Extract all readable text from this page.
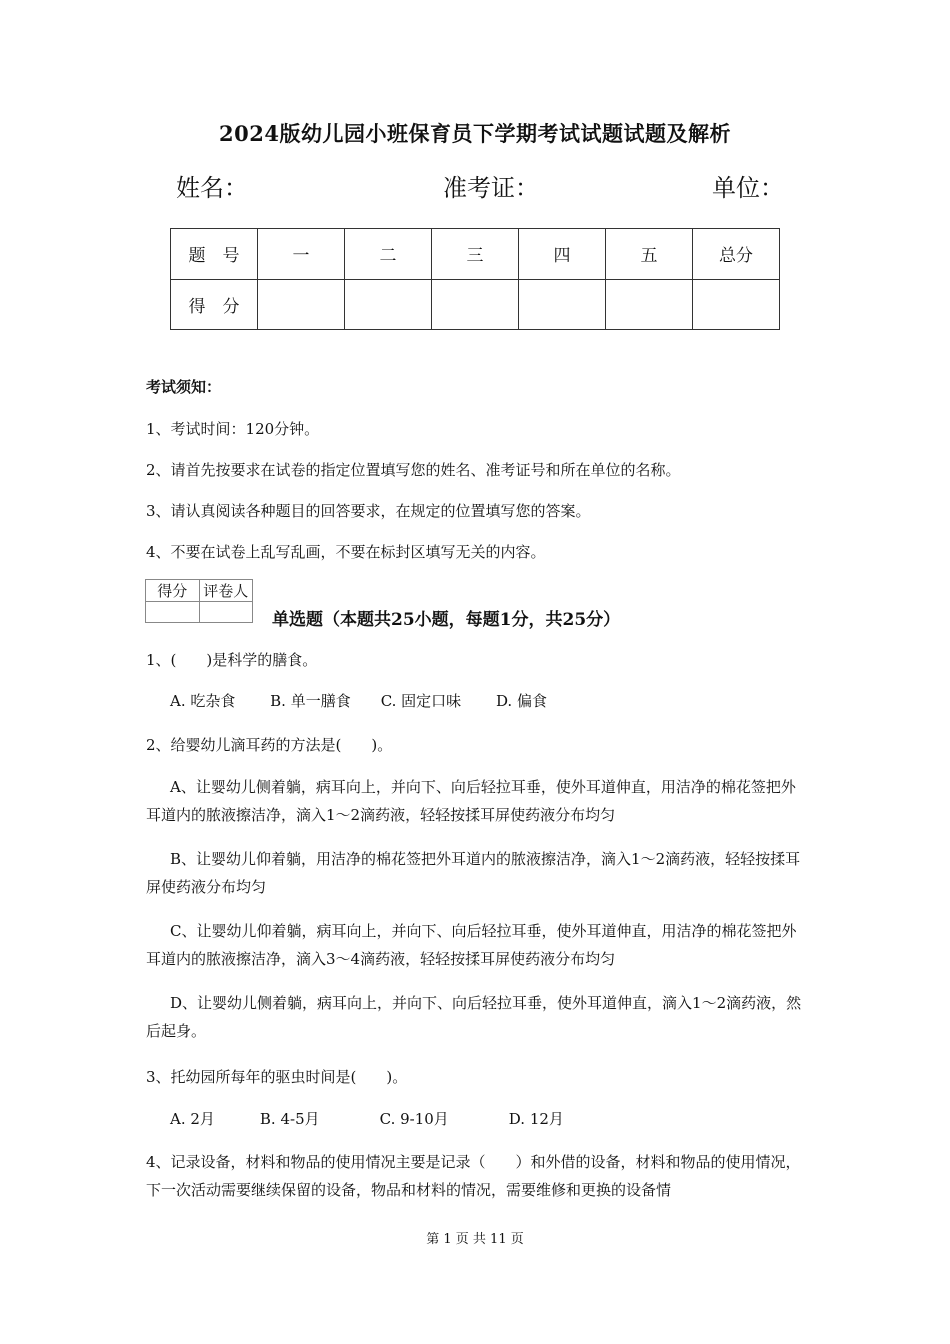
2024版幼儿园小班保育员下学期考试试题试题及解析
姓名：	准考证：	单位：
题　号	一	二	三	四	五	总分
得　分						
考试须知：
1、考试时间：120分钟。
2、请首先按要求在试卷的指定位置填写您的姓名、准考证号和所在单位的名称。
3、请认真阅读各种题目的回答要求，在规定的位置填写您的答案。
4、不要在试卷上乱写乱画，不要在标封区填写无关的内容。
得分	评卷人

单选题（本题共25小题，每题1分，共25分）
1、(　　)是科学的膳食。
A. 吃杂食　　 B. 单一膳食　　C. 固定口味　　 D. 偏食
2、给婴幼儿滴耳药的方法是(　　)。
A、让婴幼儿侧着躺，病耳向上，并向下、向后轻拉耳垂，使外耳道伸直，用洁净的棉花签把外耳道内的脓液擦洁净，滴入1～2滴药液，轻轻按揉耳屏使药液分布均匀
B、让婴幼儿仰着躺，用洁净的棉花签把外耳道内的脓液擦洁净，滴入1～2滴药液，轻轻按揉耳屏使药液分布均匀
C、让婴幼儿仰着躺，病耳向上，并向下、向后轻拉耳垂，使外耳道伸直，用洁净的棉花签把外耳道内的脓液擦洁净，滴入3～4滴药液，轻轻按揉耳屏使药液分布均匀
D、让婴幼儿侧着躺，病耳向上，并向下、向后轻拉耳垂，使外耳道伸直，滴入1～2滴药液，然后起身。
3、托幼园所每年的驱虫时间是(　　)。
A. 2月　　　B. 4-5月　　　　C. 9-10月　　　　D. 12月
4、记录设备，材料和物品的使用情况主要是记录（　　）和外借的设备，材料和物品的使用情况，下一次活动需要继续保留的设备，物品和材料的情况，需要维修和更换的设备情
第 1 页 共 11 页
